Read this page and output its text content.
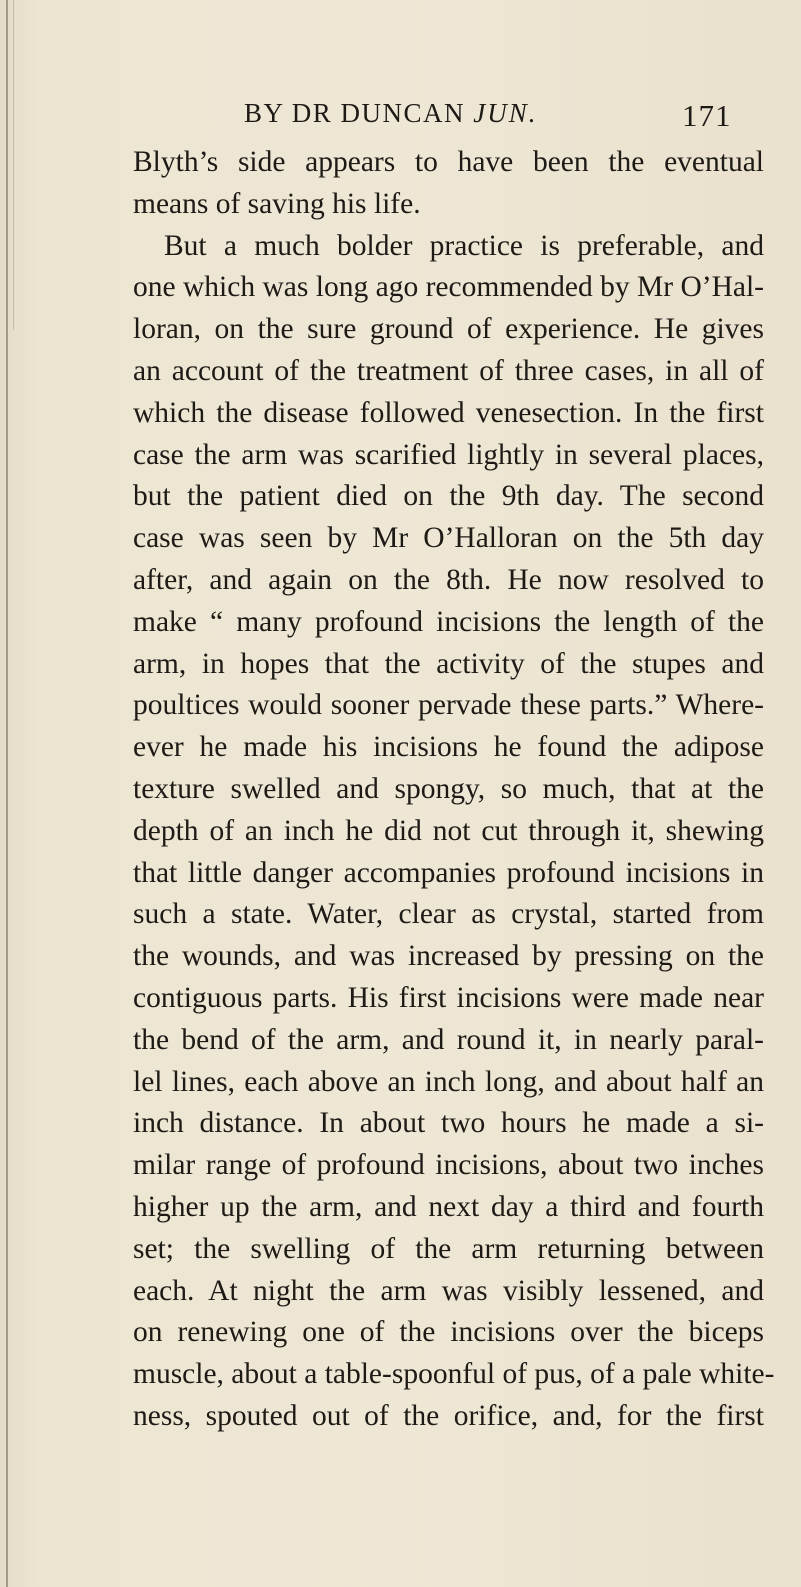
BY DR DUNCAN JUN.	171
Blyth’s side appears to have been the eventual
means of saving his life.
But a much bolder practice is preferable, and
one which was long ago recommended by Mr O’Hal-
loran, on the sure ground of experience. He gives
an account of the treatment of three cases, in all of
which the disease followed venesection. In the first
case the arm was scarified lightly in several places,
but the patient died on the 9th day. The second
case was seen by Mr O’Halloran on the 5th day
after, and again on the 8th. He now resolved to
make “ many profound incisions the length of the
arm, in hopes that the activity of the stupes and
poultices would sooner pervade these parts.” Where-
ever he made his incisions he found the adipose
texture swelled and spongy, so much, that at the
depth of an inch he did not cut through it, shewing
that little danger accompanies profound incisions in
such a state. Water, clear as crystal, started from
the wounds, and was increased by pressing on the
contiguous parts. His first incisions were made near
the bend of the arm, and round it, in nearly paral-
lel lines, each above an inch long, and about half an
inch distance. In about two hours he made a si-
milar range of profound incisions, about two inches
higher up the arm, and next day a third and fourth
set; the swelling of the arm returning between
each. At night the arm was visibly lessened, and
on renewing one of the incisions over the biceps
muscle, about a table-spoonful of pus, of a pale white-
ness, spouted out of the orifice, and, for the first
